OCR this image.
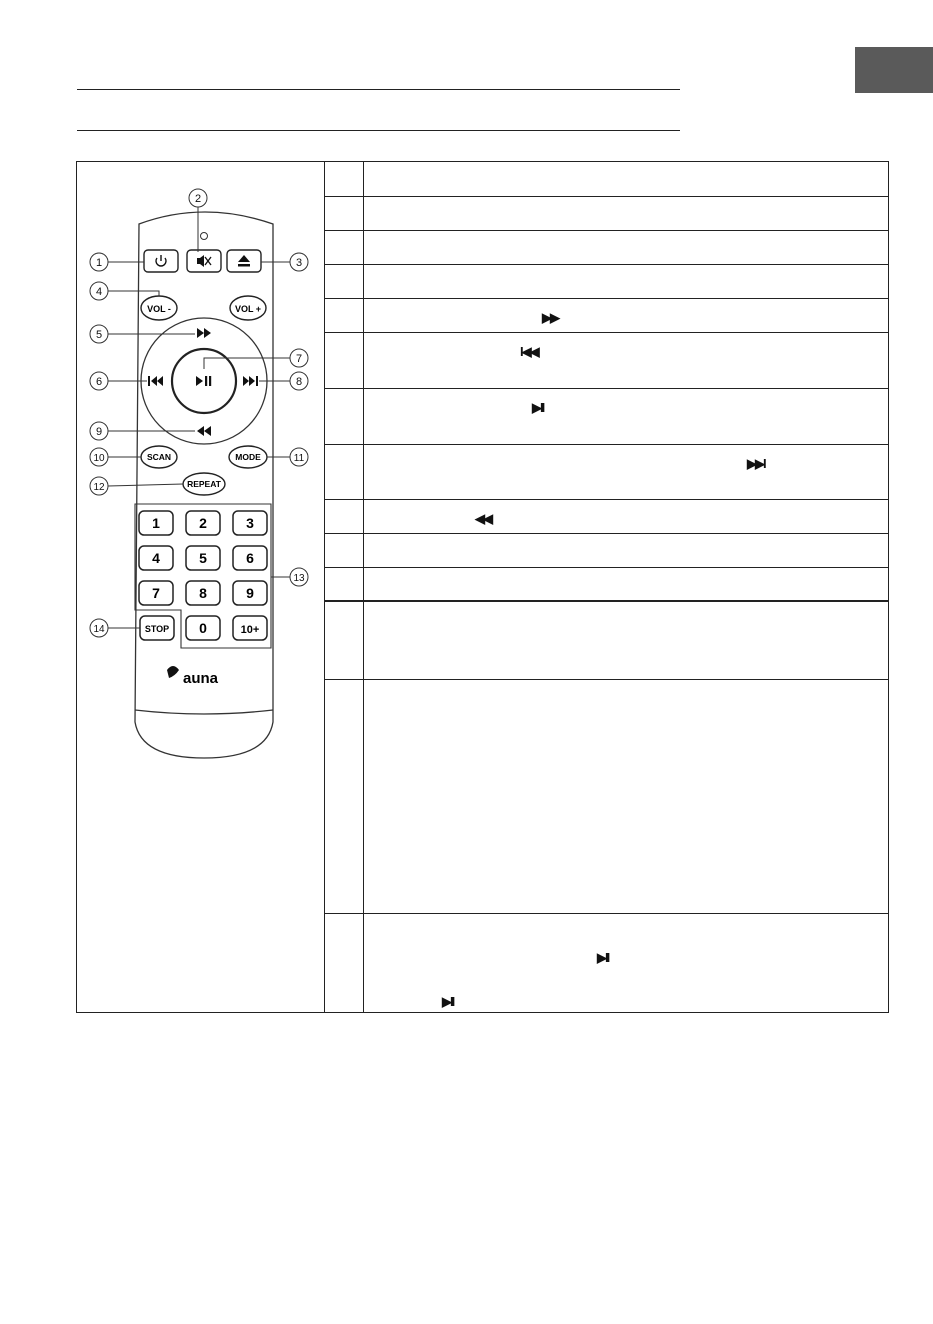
VOL -	VOL +
SCAN	MODE
REPEAT
1	2	3
4	5	6
7	8	9
0	10+
STOP
auna
1
2
3
4
5
6
7
8
9
10	11
12
13
14
▶▶
I◀◀
▶II
▶▶I
◀◀
▶II
▶II
